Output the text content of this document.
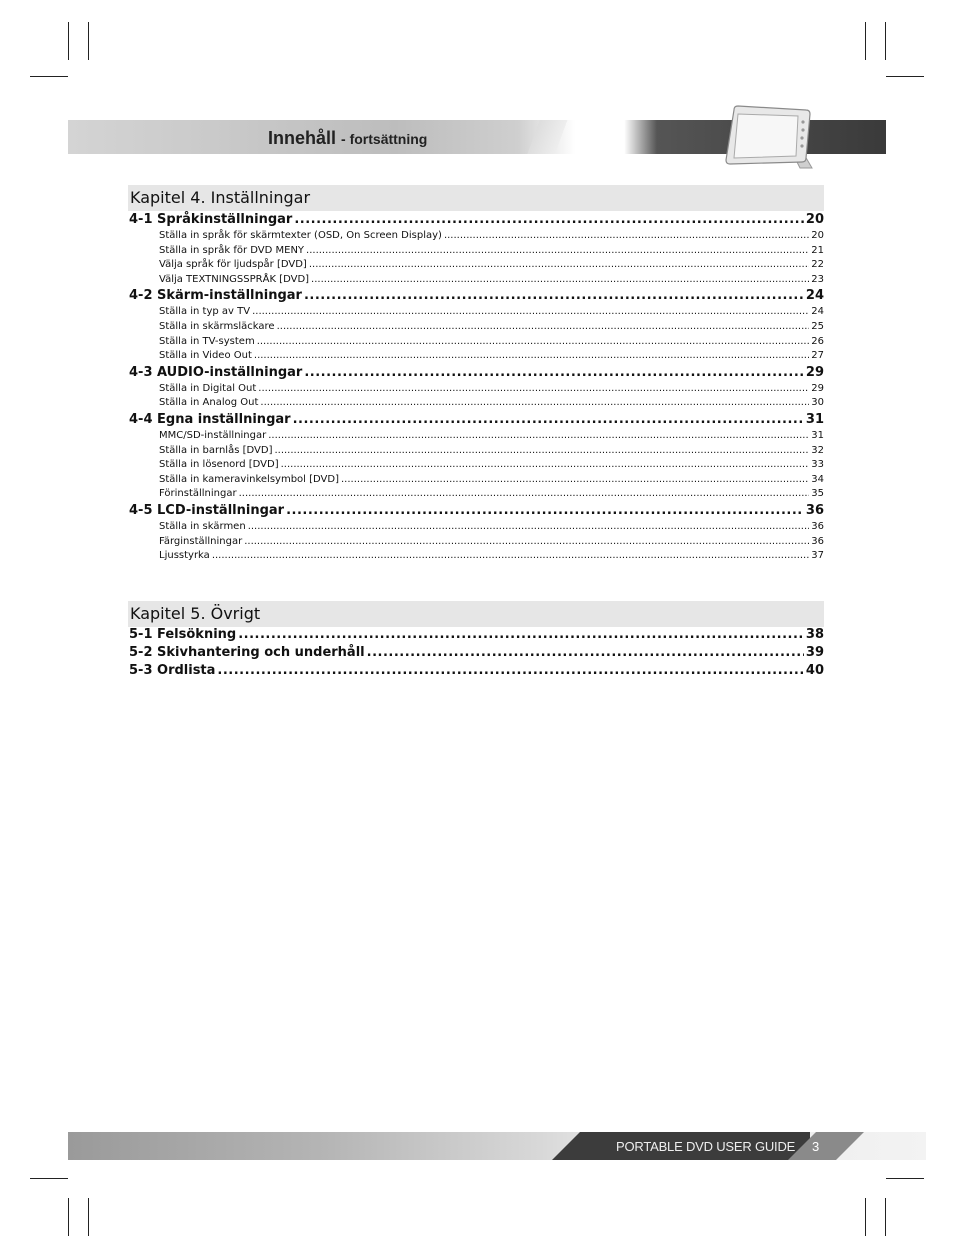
Innehåll - fortsättning
Kapitel 4. Inställningar
4-1 Språkinställningar .....	20
Ställa in språk för skärmtexter (OSD, On Screen Display) .....	20
Ställa in språk för DVD MENY .....	21
Välja språk för ljudspår [DVD] .....	22
Välja TEXTNINGSSPRÅK [DVD] .....	23
4-2 Skärm-inställningar .....	24
Ställa in typ av TV .....	24
Ställa in skärmsläckare .....	25
Ställa in TV-system .....	26
Ställa in Video Out .....	27
4-3 AUDIO-inställningar .....	29
Ställa in Digital Out .....	29
Ställa in Analog Out .....	30
4-4 Egna inställningar .....	31
MMC/SD-inställningar .....	31
Ställa in barnlås [DVD] .....	32
Ställa in lösenord [DVD] .....	33
Ställa in kameravinkelsymbol [DVD] .....	34
Förinställningar .....	35
4-5 LCD-inställningar .....	36
Ställa in skärmen .....	36
Färginställningar .....	36
Ljusstyrka .....	37
Kapitel 5. Övrigt
5-1 Felsökning .....	38
5-2 Skivhantering och underhåll .....	39
5-3 Ordlista .....	40
PORTABLE DVD USER GUIDE 3
